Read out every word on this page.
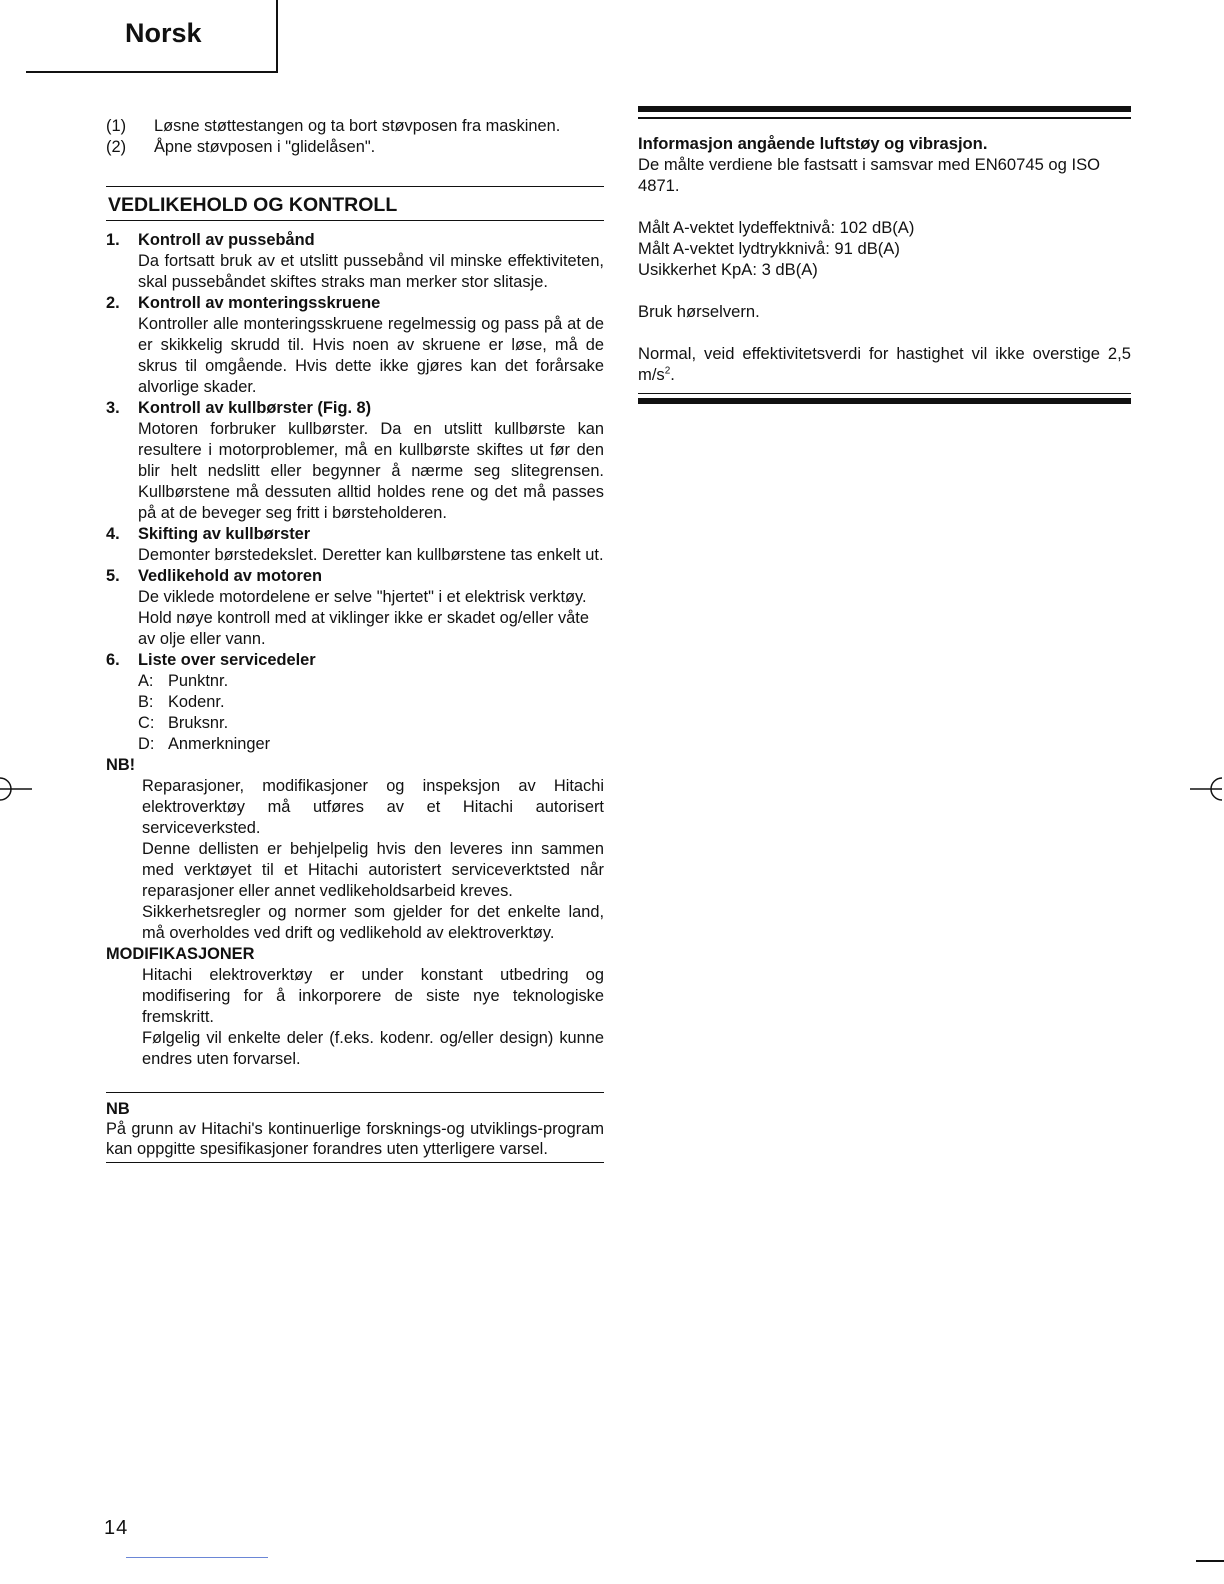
Norsk
(1)	Løsne støttestangen og ta bort støvposen fra maskinen.
(2)	Åpne støvposen i "glidelåsen".
VEDLIKEHOLD OG KONTROLL
1.	Kontroll av pussebånd
Da fortsatt bruk av et utslitt pussebånd vil minske effektiviteten, skal pussebåndet skiftes straks man merker stor slitasje.
2.	Kontroll av monteringsskruene
Kontroller alle monteringsskruene regelmessig og pass på at de er skikkelig skrudd til. Hvis noen av skruene er løse, må de skrus til omgående. Hvis dette ikke gjøres kan det forårsake alvorlige skader.
3.	Kontroll av kullbørster (Fig. 8)
Motoren forbruker kullbørster. Da en utslitt kullbørste kan resultere i motorproblemer, må en kullbørste skiftes ut før den blir helt nedslitt eller begynner å nærme seg slitegrensen. Kullbørstene må dessuten alltid holdes rene og det må passes på at de beveger seg fritt i børsteholderen.
4.	Skifting av kullbørster
Demonter børstedekslet. Deretter kan kullbørstene tas enkelt ut.
5.	Vedlikehold av motoren
De viklede motordelene er selve "hjertet" i et elektrisk verktøy.
Hold nøye kontroll med at viklinger ikke er skadet og/eller våte av olje eller vann.
6.	Liste over servicedeler
A: Punktnr.
B: Kodenr.
C: Bruksnr.
D: Anmerkninger
NB!
Reparasjoner, modifikasjoner og inspeksjon av Hitachi elektroverktøy må utføres av et Hitachi autorisert serviceverksted.
Denne dellisten er behjelpelig hvis den leveres inn sammen med verktøyet til et Hitachi autoristert serviceverktsted når reparasjoner eller annet vedlikeholdsarbeid kreves.
Sikkerhetsregler og normer som gjelder for det enkelte land, må overholdes ved drift og vedlikehold av elektroverktøy.
MODIFIKASJONER
Hitachi elektroverktøy er under konstant utbedring og modifisering for å inkorporere de siste nye teknologiske fremskritt.
Følgelig vil enkelte deler (f.eks. kodenr. og/eller design) kunne endres uten forvarsel.
NB
På grunn av Hitachi's kontinuerlige forsknings-og utviklings-program kan oppgitte spesifikasjoner forandres uten ytterligere varsel.
Informasjon angående luftstøy og vibrasjon.
De målte verdiene ble fastsatt i samsvar med EN60745 og ISO 4871.
Målt A-vektet lydeffektnivå: 102 dB(A)
Målt A-vektet lydtrykknivå: 91 dB(A)
Usikkerhet KpA: 3 dB(A)
Bruk hørselvern.
Normal, veid effektivitetsverdi for hastighet vil ikke overstige 2,5 $m/s^2$.
14
